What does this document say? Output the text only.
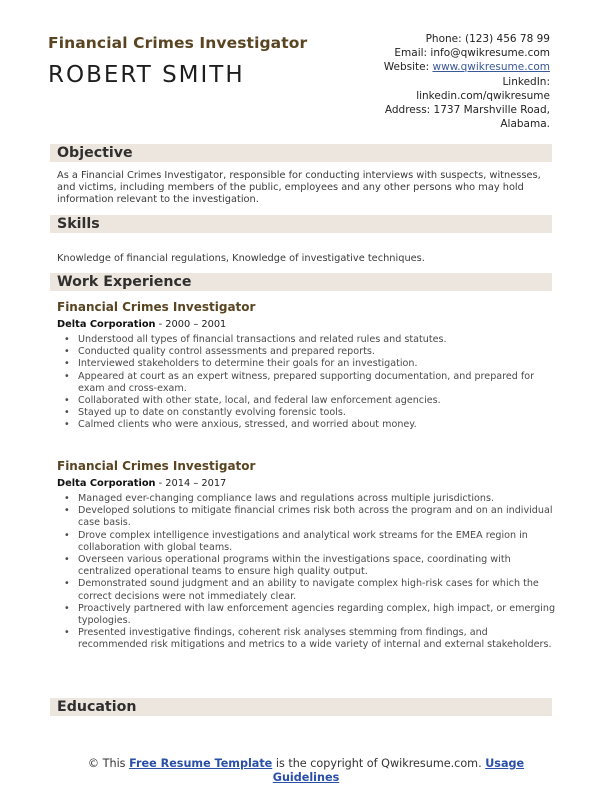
Financial Crimes Investigator
ROBERT SMITH
Phone: (123) 456 78 99
Email: info@qwikresume.com
Website: www.qwikresume.com
LinkedIn:
linkedin.com/qwikresume
Address: 1737 Marshville Road,
Alabama.
Objective
As a Financial Crimes Investigator, responsible for conducting interviews with suspects, witnesses, and victims, including members of the public, employees and any other persons who may hold information relevant to the investigation.
Skills
Knowledge of financial regulations, Knowledge of investigative techniques.
Work Experience
Financial Crimes Investigator
Delta Corporation - 2000 – 2001
• Understood all types of financial transactions and related rules and statutes.
• Conducted quality control assessments and prepared reports.
• Interviewed stakeholders to determine their goals for an investigation.
• Appeared at court as an expert witness, prepared supporting documentation, and prepared for exam and cross-exam.
• Collaborated with other state, local, and federal law enforcement agencies.
• Stayed up to date on constantly evolving forensic tools.
• Calmed clients who were anxious, stressed, and worried about money.
Financial Crimes Investigator
Delta Corporation - 2014 – 2017
• Managed ever-changing compliance laws and regulations across multiple jurisdictions.
• Developed solutions to mitigate financial crimes risk both across the program and on an individual case basis.
• Drove complex intelligence investigations and analytical work streams for the EMEA region in collaboration with global teams.
• Overseen various operational programs within the investigations space, coordinating with centralized operational teams to ensure high quality output.
• Demonstrated sound judgment and an ability to navigate complex high-risk cases for which the correct decisions were not immediately clear.
• Proactively partnered with law enforcement agencies regarding complex, high impact, or emerging typologies.
• Presented investigative findings, coherent risk analyses stemming from findings, and recommended risk mitigations and metrics to a wide variety of internal and external stakeholders.
Education
© This Free Resume Template is the copyright of Qwikresume.com. Usage
Guidelines
